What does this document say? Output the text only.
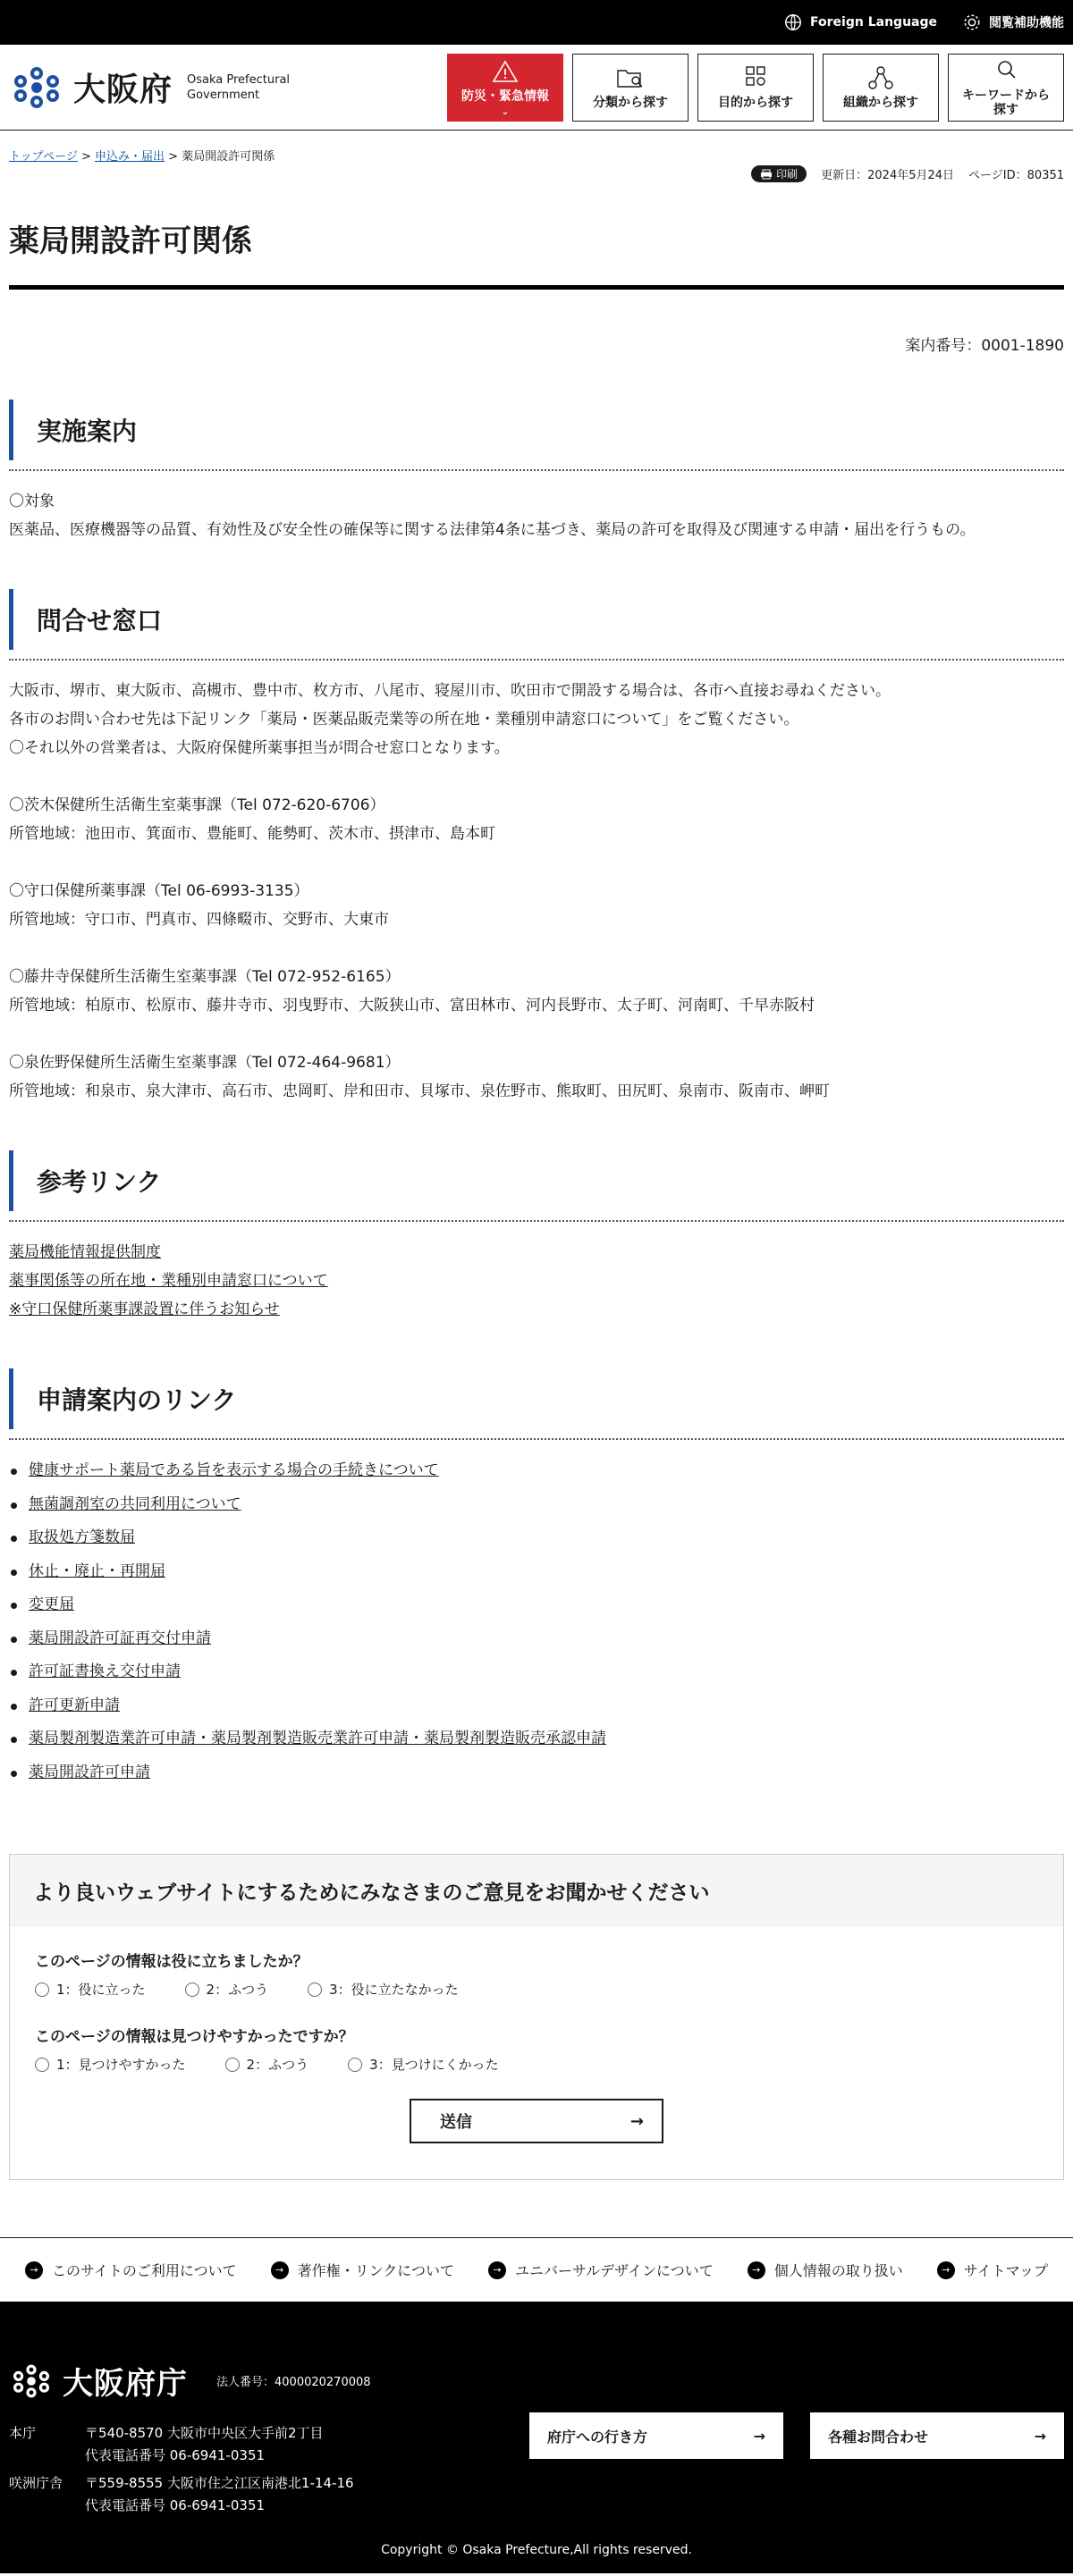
Foreign Language	閲覧補助機能
大阪府 Osaka Prefectural
Government	防災・緊急情報
⌄
分類から探す	目的から探す	組織から探す	キーワードから
探す
トップページ > 申込み・届出 > 薬局開設許可関係
印刷 更新日：2024年5月24日 ページID：80351
薬局開設許可関係
案内番号：0001-1890
実施案内
〇対象
医薬品、医療機器等の品質、有効性及び安全性の確保等に関する法律第4条に基づき、薬局の許可を取得及び関連する申請・届出を行うもの。
問合せ窓口
大阪市、堺市、東大阪市、高槻市、豊中市、枚方市、八尾市、寝屋川市、吹田市で開設する場合は、各市へ直接お尋ねください。
各市のお問い合わせ先は下記リンク「薬局・医薬品販売業等の所在地・業種別申請窓口について」をご覧ください。
〇それ以外の営業者は、大阪府保健所薬事担当が問合せ窓口となります。
〇茨木保健所生活衛生室薬事課（Tel 072-620-6706）
所管地域：池田市、箕面市、豊能町、能勢町、茨木市、摂津市、島本町
〇守口保健所薬事課（Tel 06-6993-3135）
所管地域：守口市、門真市、四條畷市、交野市、大東市
〇藤井寺保健所生活衛生室薬事課（Tel 072-952-6165）
所管地域：柏原市、松原市、藤井寺市、羽曳野市、大阪狭山市、富田林市、河内長野市、太子町、河南町、千早赤阪村
〇泉佐野保健所生活衛生室薬事課（Tel 072-464-9681）
所管地域：和泉市、泉大津市、高石市、忠岡町、岸和田市、貝塚市、泉佐野市、熊取町、田尻町、泉南市、阪南市、岬町
参考リンク
薬局機能情報提供制度
薬事関係等の所在地・業種別申請窓口について
※守口保健所薬事課設置に伴うお知らせ
申請案内のリンク
健康サポート薬局である旨を表示する場合の手続きについて
無菌調剤室の共同利用について
取扱処方箋数届
休止・廃止・再開届
変更届
薬局開設許可証再交付申請
許可証書換え交付申請
許可更新申請
薬局製剤製造業許可申請・薬局製剤製造販売業許可申請・薬局製剤製造販売承認申請
薬局開設許可申請
より良いウェブサイトにするためにみなさまのご意見をお聞かせください
このページの情報は役に立ちましたか？
1：役に立った	2：ふつう	3：役に立たなかった
このページの情報は見つけやすかったですか？
1：見つけやすかった	2：ふつう	3：見つけにくかった
送信	→
→ このサイトのご利用について	→ 著作権・リンクについて	→ ユニバーサルデザインについて	→ 個人情報の取り扱い	→ サイトマップ
大阪府庁 法人番号：4000020270008
本庁	〒540-8570 大阪市中央区大手前2丁目
代表電話番号 06-6941-0351
咲洲庁舎	〒559-8555 大阪市住之江区南港北1-14-16
代表電話番号 06-6941-0351
府庁への行き方	→	各種お問合わせ	→
Copyright © Osaka Prefecture,All rights reserved.
